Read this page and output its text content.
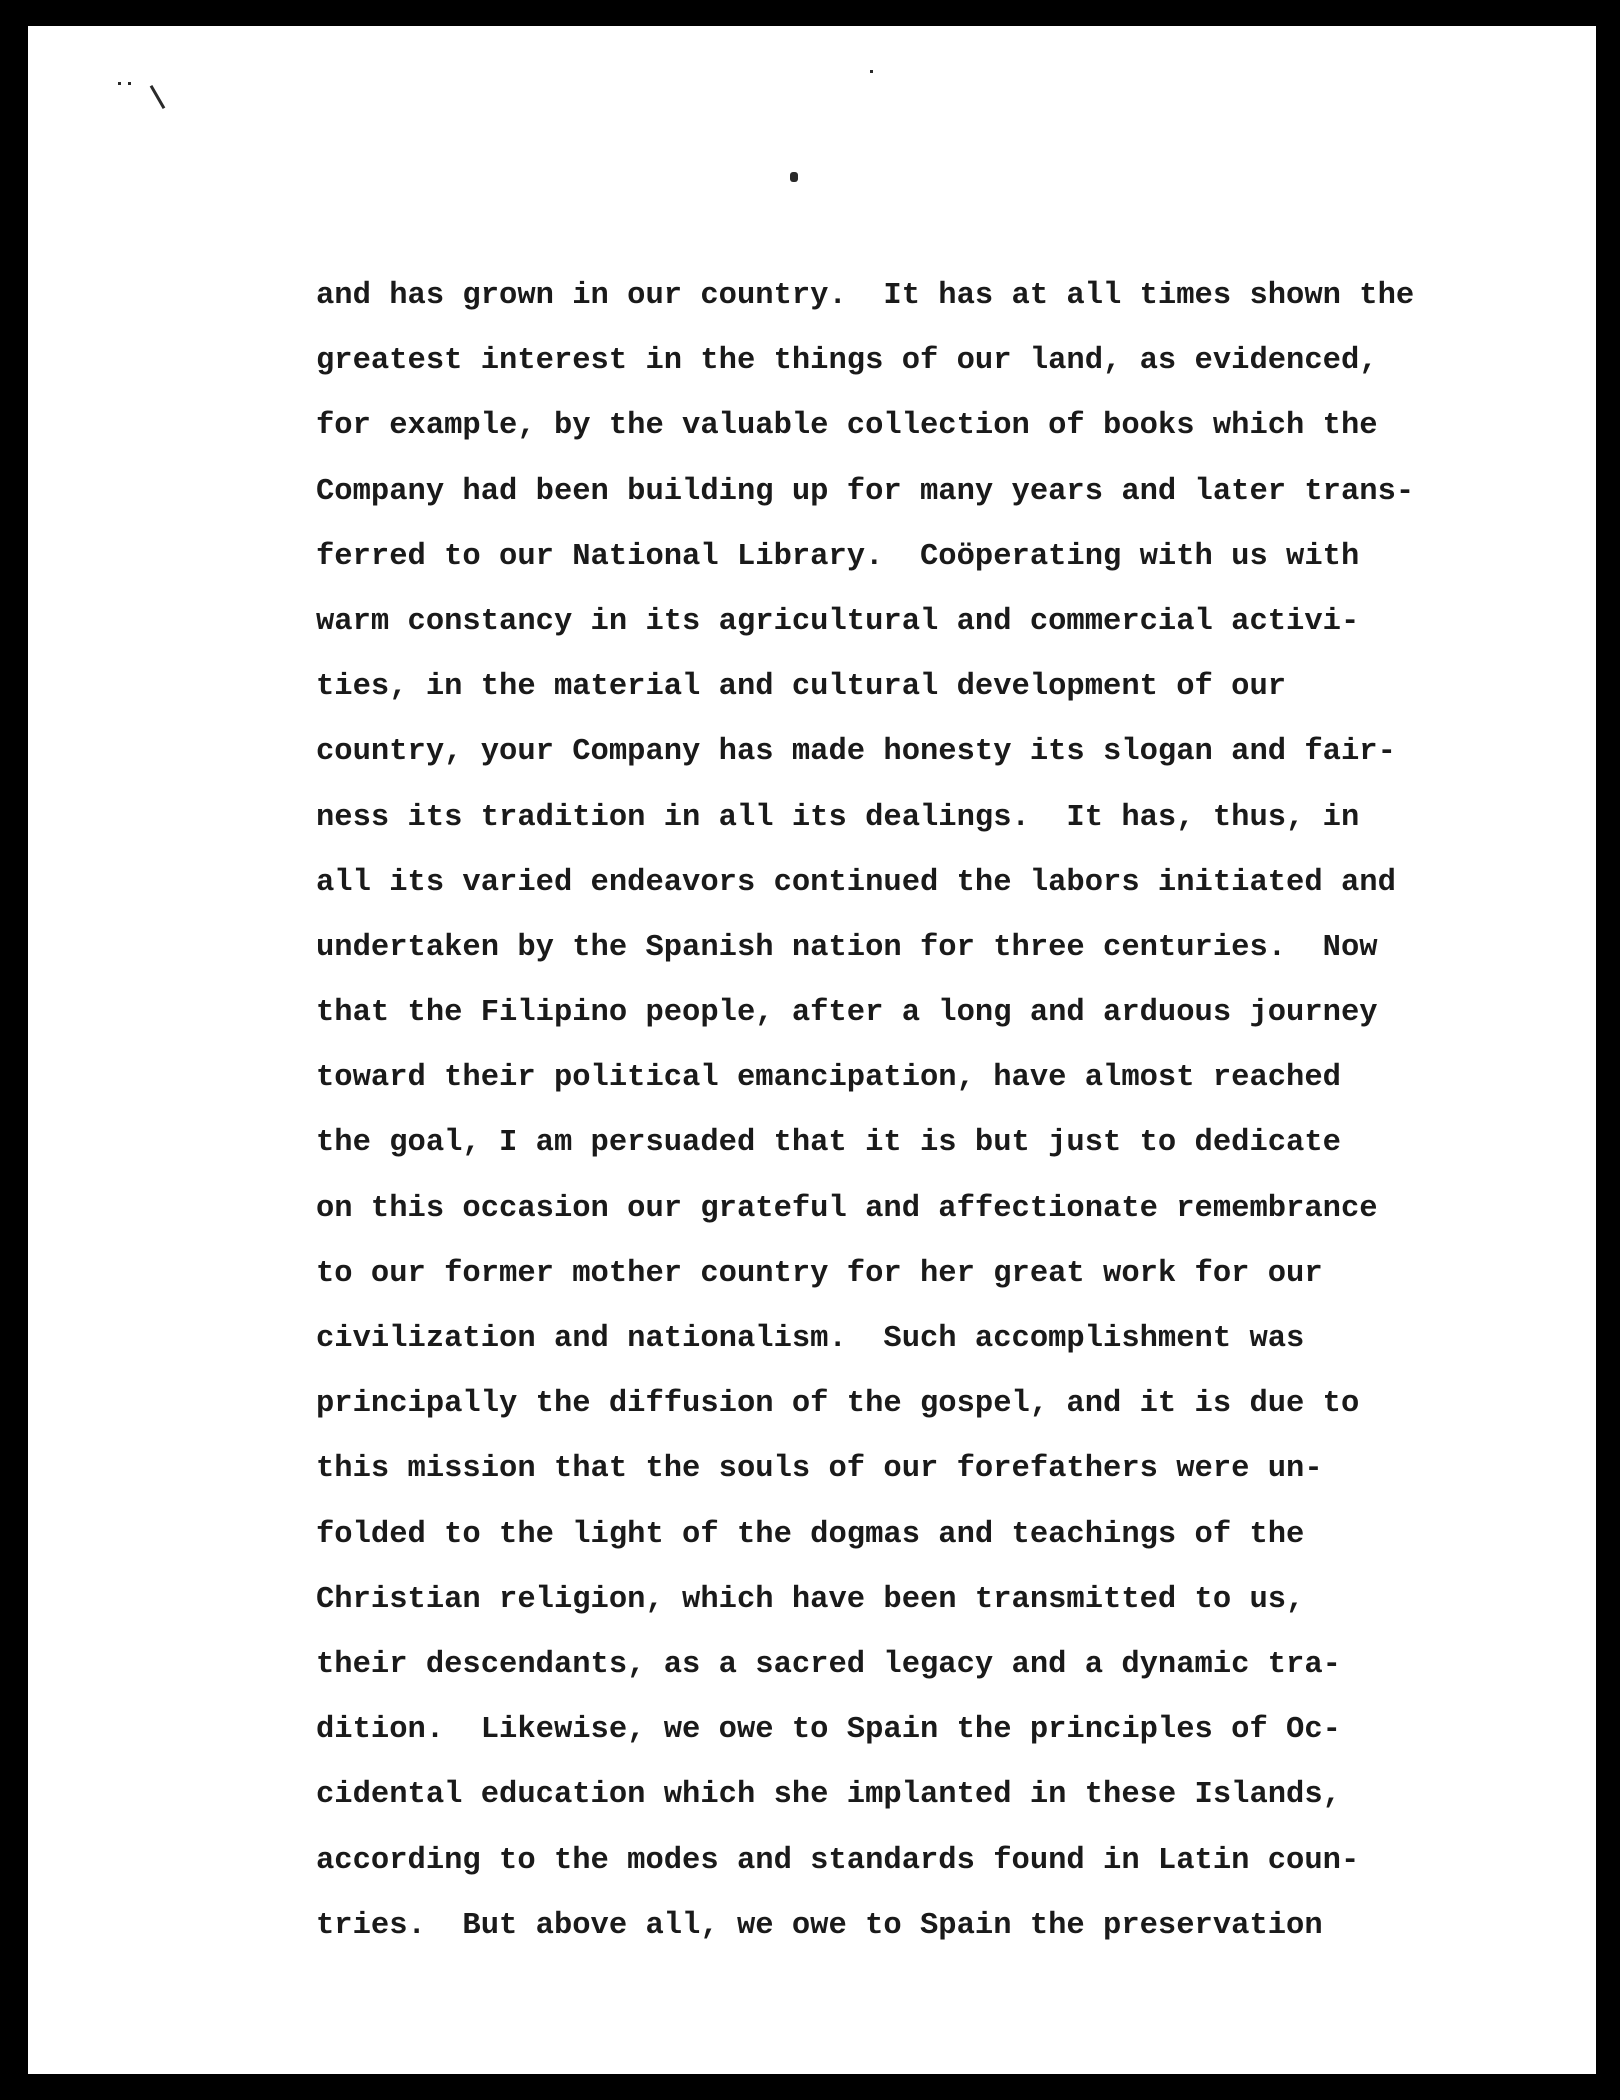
and has grown in our country.  It has at all times shown the
greatest interest in the things of our land, as evidenced,
for example, by the valuable collection of books which the
Company had been building up for many years and later trans-
ferred to our National Library.  Coöperating with us with
warm constancy in its agricultural and commercial activi-
ties, in the material and cultural development of our
country, your Company has made honesty its slogan and fair-
ness its tradition in all its dealings.  It has, thus, in
all its varied endeavors continued the labors initiated and
undertaken by the Spanish nation for three centuries.  Now
that the Filipino people, after a long and arduous journey
toward their political emancipation, have almost reached
the goal, I am persuaded that it is but just to dedicate
on this occasion our grateful and affectionate remembrance
to our former mother country for her great work for our
civilization and nationalism.  Such accomplishment was
principally the diffusion of the gospel, and it is due to
this mission that the souls of our forefathers were un-
folded to the light of the dogmas and teachings of the
Christian religion, which have been transmitted to us,
their descendants, as a sacred legacy and a dynamic tra-
dition.  Likewise, we owe to Spain the principles of Oc-
cidental education which she implanted in these Islands,
according to the modes and standards found in Latin coun-
tries.  But above all, we owe to Spain the preservation
